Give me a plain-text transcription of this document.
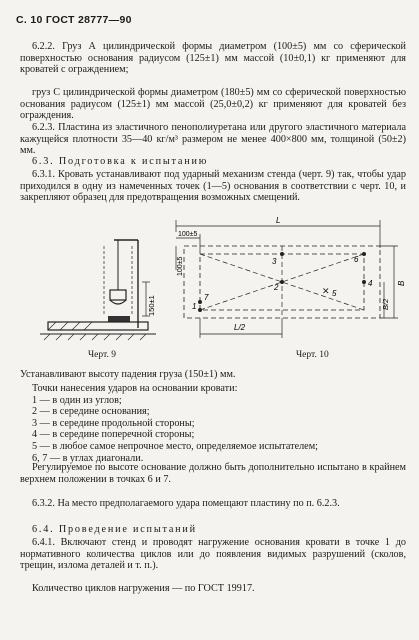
С. 10 ГОСТ 28777—90
6.2.2. Груз А цилиндрической формы диаметром (100±5) мм со сферической поверхностью основания радиусом (125±1) мм массой (10±0,1) кг применяют для кроватей с ограждением;
груз С цилиндрической формы диаметром (180±5) мм со сферической поверхностью основания радиусом (125±1) мм массой (25,0±0,2) кг применяют для кроватей без ограждения.
6.2.3. Пластина из эластичного пенополиуретана или другого эластичного материала кажущейся плотности 35—40 кг/м³ размером не менее 400×800 мм, толщиной (50±2) мм.
6.3. Подготовка к испытанию
6.3.1. Кровать устанавливают под ударный механизм стенда (черт. 9) так, чтобы удар приходился в одну из намеченных точек (1—5) основания в соответствии с черт. 10, и закрепляют образец для предотвращения возможных смещений.
150±1
Черт. 9
L
100±5
100±5
1
2
3
4
✕ 5
6
7
B
B/2
L/2
Черт. 10
Устанавливают высоту падения груза (150±1) мм.
Точки нанесения ударов на основании кровати:
1 — в один из углов;
2 — в середине основания;
3 — в середине продольной стороны;
4 — в середине поперечной стороны;
5 — в любое самое непрочное место, определяемое испытателем;
6, 7 — в углах диагонали.
Регулируемое по высоте основание должно быть дополнительно испытано в крайнем верхнем положении в точках 6 и 7.
6.3.2. На место предполагаемого удара помещают пластину по п. 6.2.3.
6.4. Проведение испытаний
6.4.1. Включают стенд и проводят нагружение основания кровати в точке 1 до нормативного количества циклов или до появления видимых разрушений (сколов, трещин, излома деталей и т. п.).
Количество циклов нагружения — по ГОСТ 19917.
